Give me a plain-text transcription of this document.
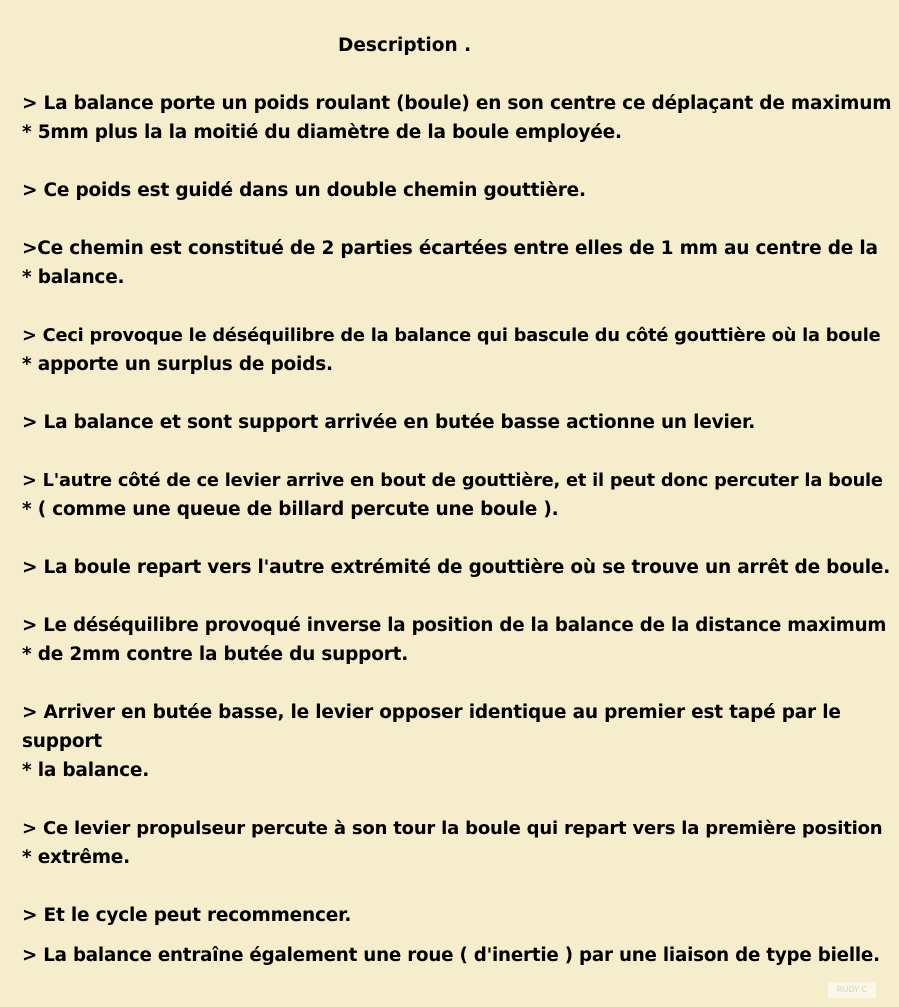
Description .
> La balance porte un poids roulant (boule) en son centre ce déplaçant de maximum
* 5mm plus la la moitié du diamètre de la boule employée.
> Ce poids est guidé dans un double chemin gouttière.
>Ce chemin est constitué de 2 parties écartées entre elles de 1 mm au centre de la
* balance.
> Ceci provoque le déséquilibre de la balance qui bascule du côté gouttière où la boule
* apporte un surplus de poids.
> La balance et sont support arrivée en butée basse actionne un levier.
> L'autre côté de ce levier arrive en bout de gouttière, et il peut donc percuter la boule
* ( comme une queue de billard percute une boule ).
> La boule repart vers l'autre extrémité de gouttière où se trouve un arrêt de boule.
> Le déséquilibre provoqué inverse la position de la balance de la distance maximum
* de 2mm contre la butée du support.
> Arriver en butée basse, le levier opposer identique au premier est tapé par le
support
* la balance.
> Ce levier propulseur percute à son tour la boule qui repart vers la première position
* extrême.
> Et le cycle peut recommencer.
> La balance entraîne également une roue ( d'inertie ) par une liaison de type bielle.
RUDY C
